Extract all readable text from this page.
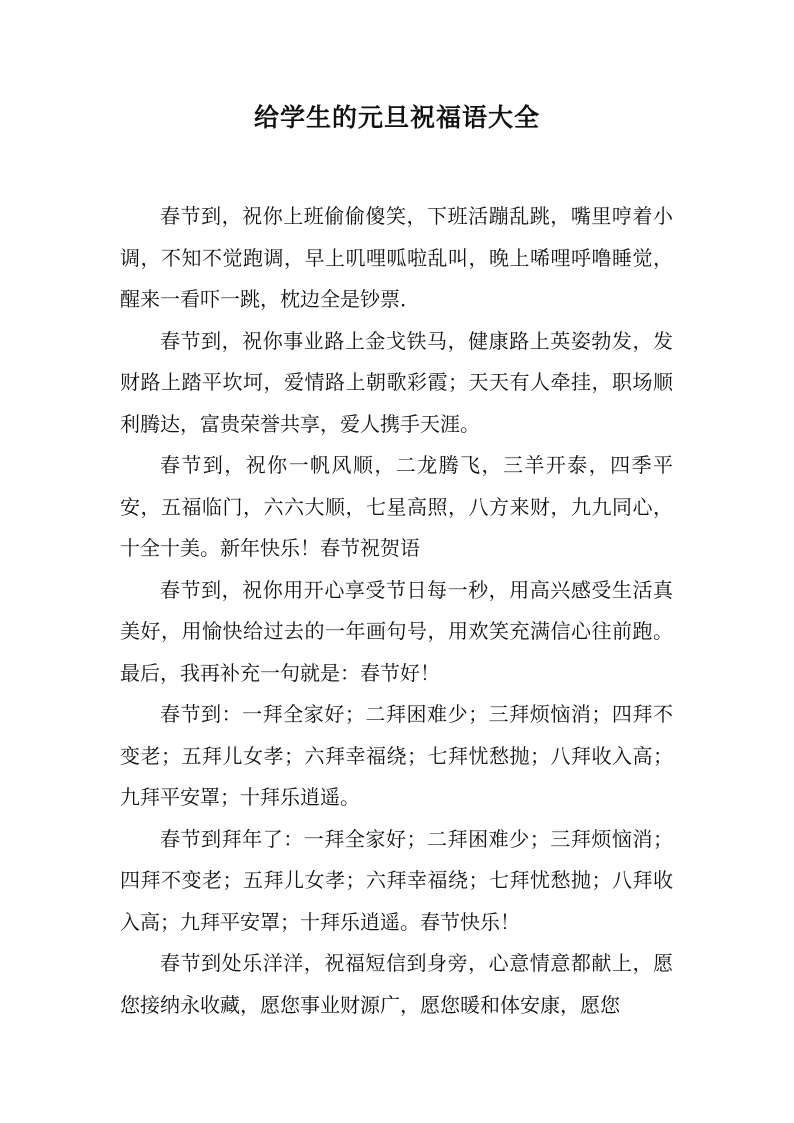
给学生的元旦祝福语大全

春节到，祝你上班偷偷傻笑，下班活蹦乱跳，嘴里哼着小调，不知不觉跑调，早上叽哩呱啦乱叫，晚上唏哩呼噜睡觉，醒来一看吓一跳，枕边全是钞票．

春节到，祝你事业路上金戈铁马，健康路上英姿勃发，发财路上踏平坎坷，爱情路上朝歌彩霞；天天有人牵挂，职场顺利腾达，富贵荣誉共享，爱人携手天涯。

春节到，祝你一帆风顺，二龙腾飞，三羊开泰，四季平安，五福临门，六六大顺，七星高照，八方来财，九九同心，十全十美。新年快乐！春节祝贺语

春节到，祝你用开心享受节日每一秒，用高兴感受生活真美好，用愉快给过去的一年画句号，用欢笑充满信心往前跑。最后，我再补充一句就是：春节好！

春节到：一拜全家好；二拜困难少；三拜烦恼消；四拜不变老；五拜儿女孝；六拜幸福绕；七拜忧愁抛；八拜收入高；九拜平安罩；十拜乐逍遥。

春节到拜年了：一拜全家好；二拜困难少；三拜烦恼消；四拜不变老；五拜儿女孝；六拜幸福绕；七拜忧愁抛；八拜收入高；九拜平安罩；十拜乐逍遥。春节快乐！

春节到处乐洋洋，祝福短信到身旁，心意情意都献上，愿您接纳永收藏，愿您事业财源广，愿您暖和体安康，愿您
